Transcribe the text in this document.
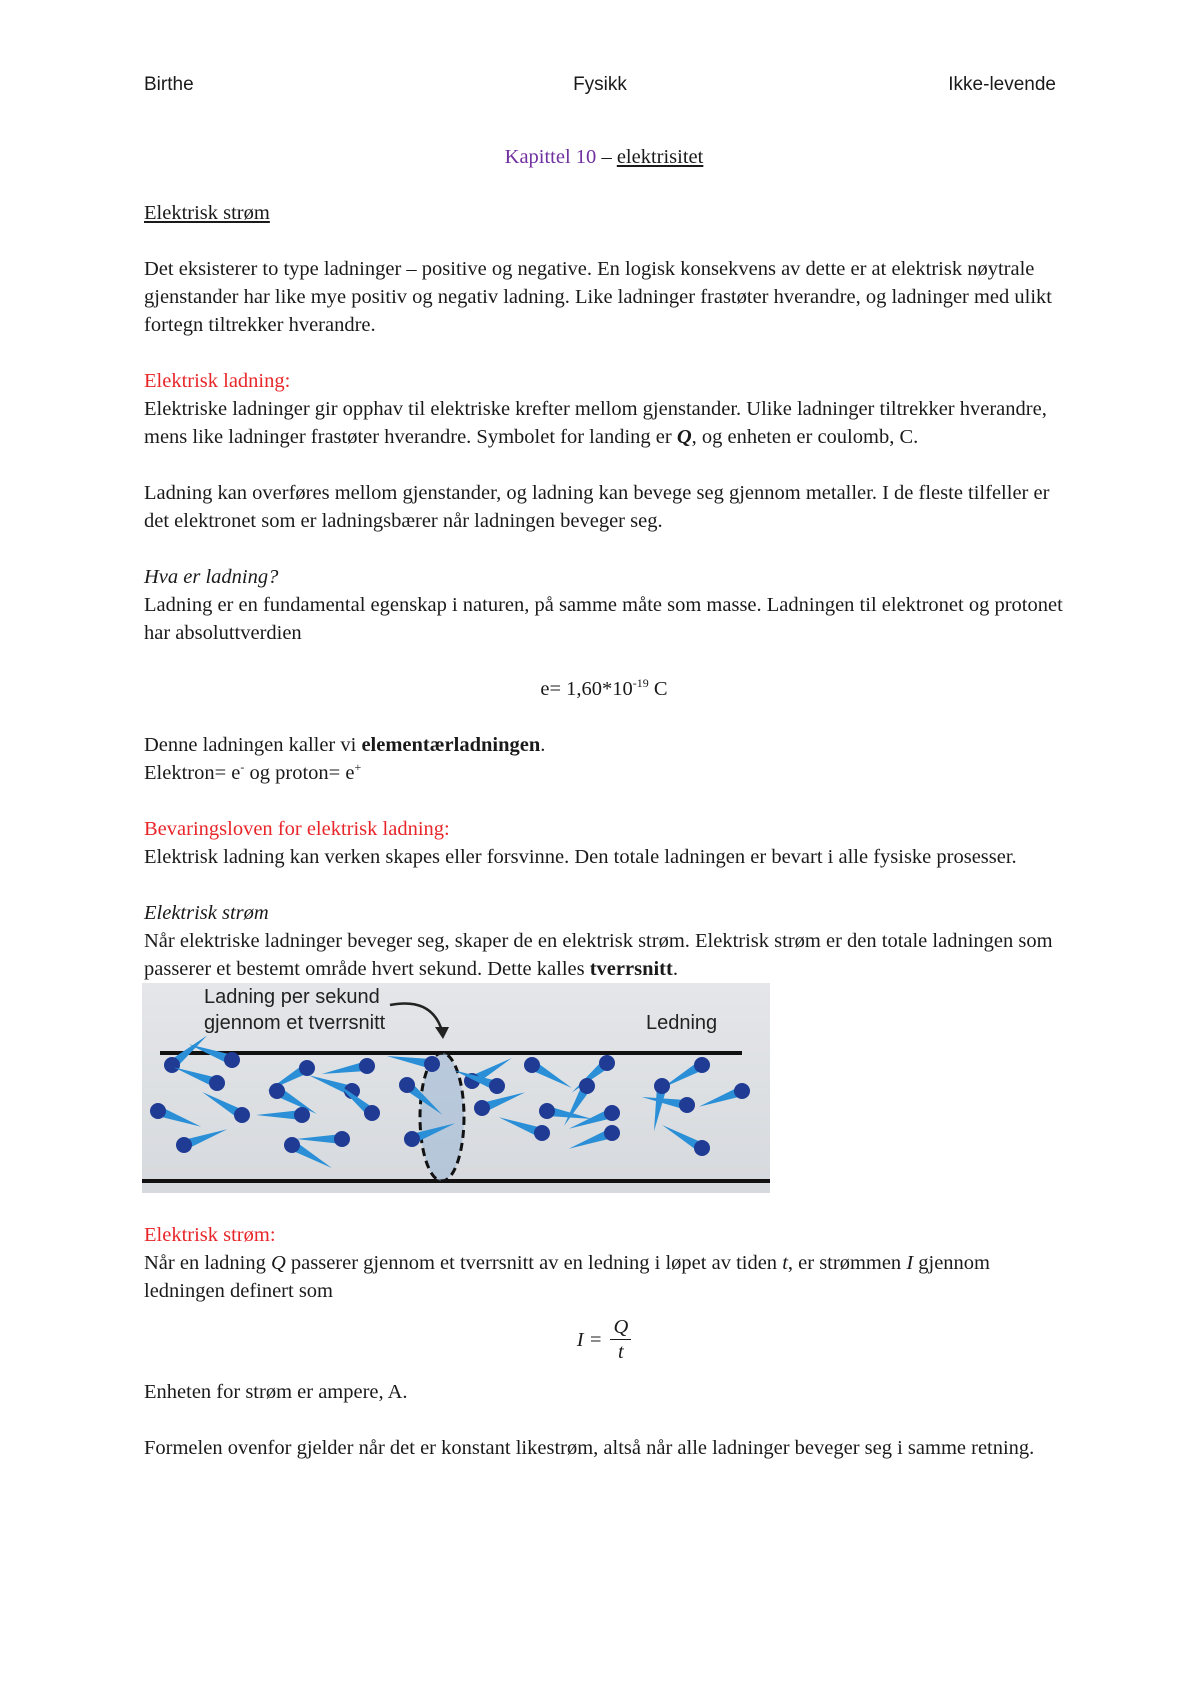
Birthe	Fysikk	Ikke-levende
Kapittel 10 – elektrisitet

Elektrisk strøm

Det eksisterer to type ladninger – positive og negative. En logisk konsekvens av dette er at elektrisk nøytrale gjenstander har like mye positiv og negativ ladning. Like ladninger frastøter hverandre, og ladninger med ulikt fortegn tiltrekker hverandre.

Elektrisk ladning:

Elektriske ladninger gir opphav til elektriske krefter mellom gjenstander. Ulike ladninger tiltrekker hverandre, mens like ladninger frastøter hverandre. Symbolet for landing er Q, og enheten er coulomb, C.

Ladning kan overføres mellom gjenstander, og ladning kan bevege seg gjennom metaller. I de fleste tilfeller er det elektronet som er ladningsbærer når ladningen beveger seg.

Hva er ladning?

Ladning er en fundamental egenskap i naturen, på samme måte som masse. Ladningen til elektronet og protonet har absoluttverdien

$e= 1,60*10^{-19}$ C

Denne ladningen kaller vi elementærladningen.
Elektron= e- og proton= e+

Bevaringsloven for elektrisk ladning:

Elektrisk ladning kan verken skapes eller forsvinne. Den totale ladningen er bevart i alle fysiske prosesser.

Elektrisk strøm
Når elektriske ladninger beveger seg, skaper de en elektrisk strøm. Elektrisk strøm er den totale ladningen som passerer et bestemt område hvert sekund. Dette kalles tverrsnitt.
Ladning per sekund
gjennom et tverrsnitt	Ledning
Elektrisk strøm:
Når en ladning Q passerer gjennom et tverrsnitt av en ledning i løpet av tiden t, er strømmen I gjennom ledningen definert som
$I = \frac{Q}{t}$

Enheten for strøm er ampere, A.

Formelen ovenfor gjelder når det er konstant likestrøm, altså når alle ladninger beveger seg i samme retning.
